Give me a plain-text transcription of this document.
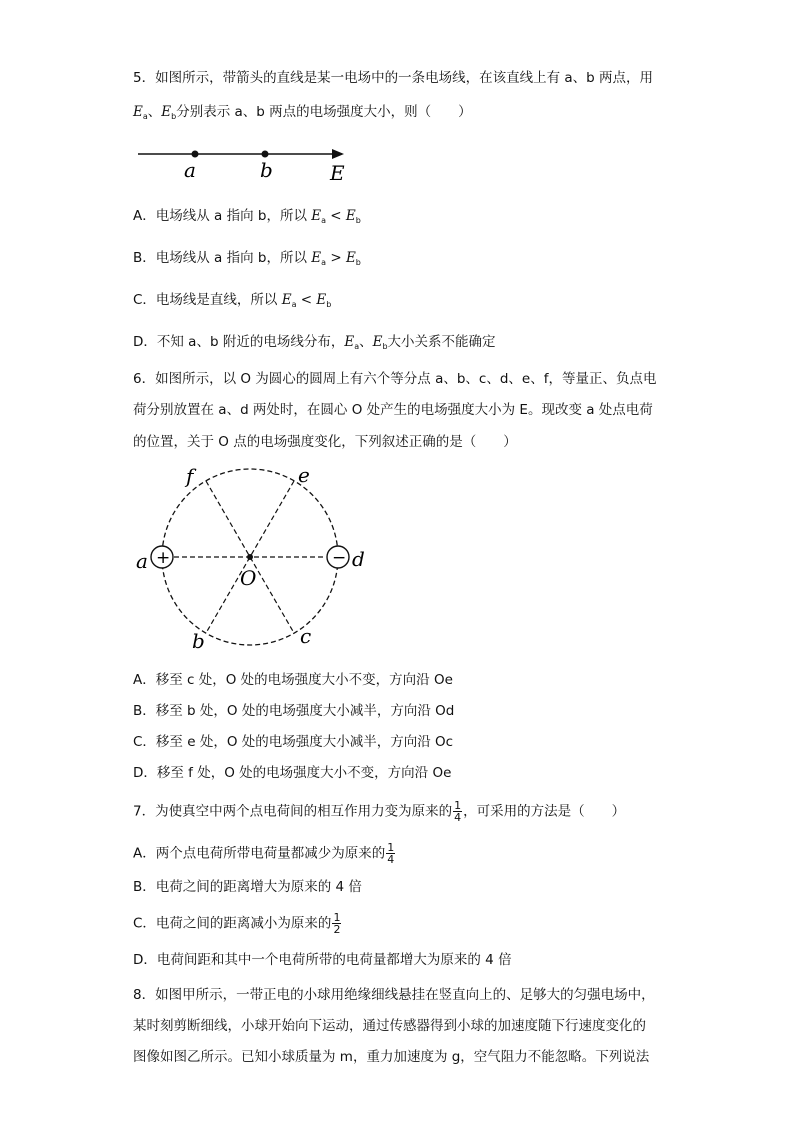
5．如图所示，带箭头的直线是某一电场中的一条电场线，在该直线上有 a、b 两点，用
$E_a$、$E_b$分别表示 a、b 两点的电场强度大小，则（　　）
a	b	E
A．电场线从 a 指向 b，所以 $E_a < E_b$
B．电场线从 a 指向 b，所以 $E_a > E_b$
C．电场线是直线，所以 $E_a < E_b$
D．不知 a、b 附近的电场线分布，$E_a$、$E_b$大小关系不能确定
6．如图所示，以 O 为圆心的圆周上有六个等分点 a、b、c、d、e、f，等量正、负点电
荷分别放置在 a、d 两处时，在圆心 O 处产生的电场强度大小为 E。现改变 a 处点电荷
的位置，关于 O 点的电场强度变化，下列叙述正确的是（　　）
+	−
a	d
f	e
b	c
O
A．移至 c 处，O 处的电场强度大小不变，方向沿 Oe
B．移至 b 处，O 处的电场强度大小减半，方向沿 Od
C．移至 e 处，O 处的电场强度大小减半，方向沿 Oc
D．移至 f 处，O 处的电场强度大小不变，方向沿 Oe
7．为使真空中两个点电荷间的相互作用力变为原来的 $\frac{1}{4}$ ，可采用的方法是（　　）
A．两个点电荷所带电荷量都减少为原来的 $\frac{1}{4}$
B．电荷之间的距离增大为原来的 4 倍
C．电荷之间的距离减小为原来的 $\frac{1}{2}$
D．电荷间距和其中一个电荷所带的电荷量都增大为原来的 4 倍
8．如图甲所示，一带正电的小球用绝缘细线悬挂在竖直向上的、足够大的匀强电场中，
某时刻剪断细线，小球开始向下运动，通过传感器得到小球的加速度随下行速度变化的
图像如图乙所示。已知小球质量为 m，重力加速度为 g，空气阻力不能忽略。下列说法
